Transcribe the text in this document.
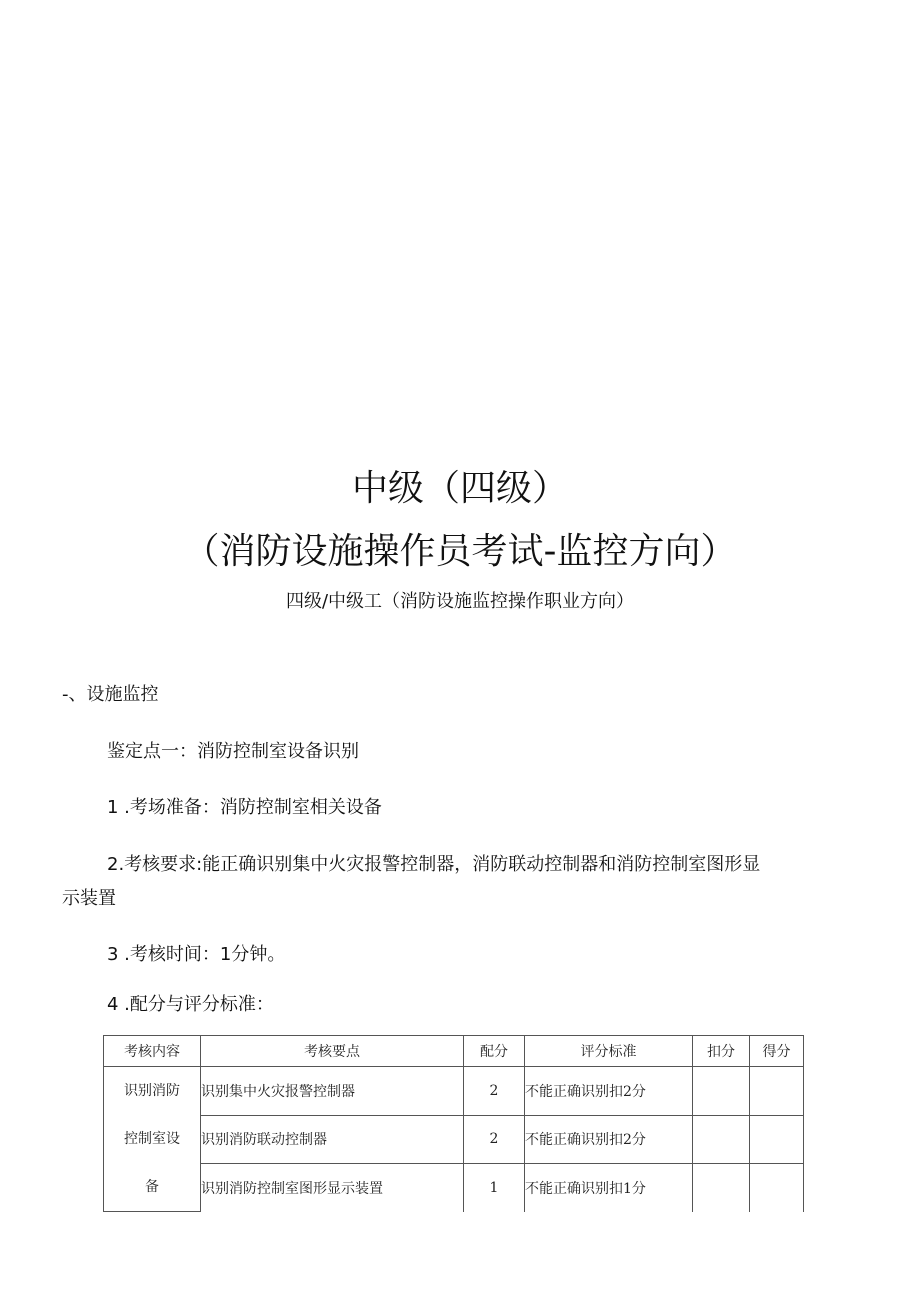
中级（四级）
（消防设施操作员考试-监控方向）
四级/中级工（消防设施监控操作职业方向）
-、设施监控
鉴定点一：消防控制室设备识别
1 .考场准备：消防控制室相关设备
2.考核要求:能正确识别集中火灾报警控制器，消防联动控制器和消防控制室图形显
示装置
3 .考核时间：1分钟。
4 .配分与评分标准：
考核内容	考核要点	配分	评分标准	扣分	得分

识别消防
控制室设
备	识别集中火灾报警控制器	2	不能正确识别扣2分		
	识别消防联动控制器	2	不能正确识别扣2分		
	识别消防控制室图形显示装置	1	不能正确识别扣1分		
